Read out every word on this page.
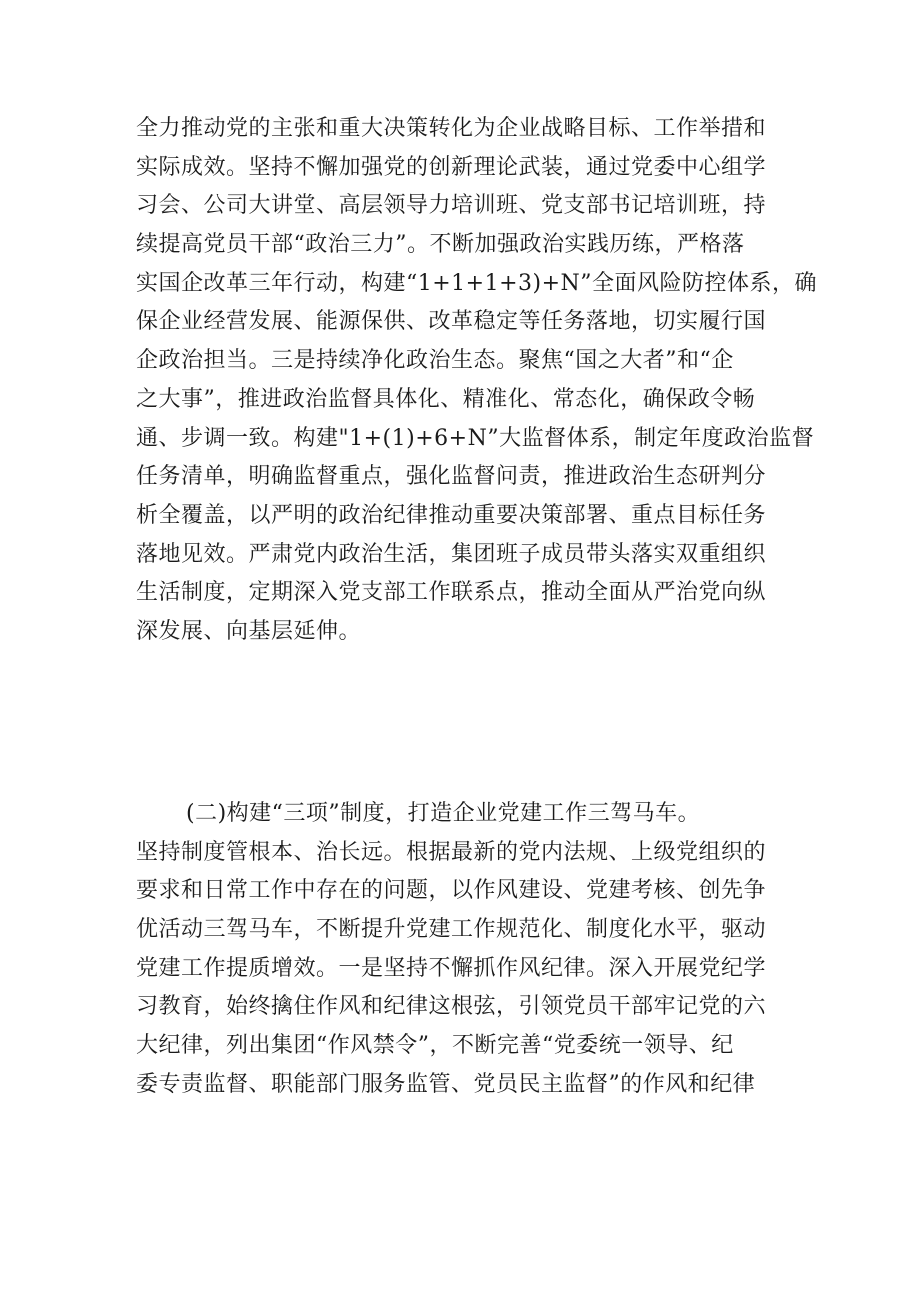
全力推动党的主张和重大决策转化为企业战略目标、工作举措和
实际成效。坚持不懈加强党的创新理论武装，通过党委中心组学
习会、公司大讲堂、高层领导力培训班、党支部书记培训班，持
续提高党员干部“政治三力”。不断加强政治实践历练，严格落
实国企改革三年行动，构建“1+1+1+3)+N”全面风险防控体系，确
保企业经营发展、能源保供、改革稳定等任务落地，切实履行国
企政治担当。三是持续净化政治生态。聚焦“国之大者”和“企
之大事”，推进政治监督具体化、精准化、常态化，确保政令畅
通、步调一致。构建"1+(1)+6+N”大监督体系，制定年度政治监督
任务清单，明确监督重点，强化监督问责，推进政治生态研判分
析全覆盖，以严明的政治纪律推动重要决策部署、重点目标任务
落地见效。严肃党内政治生活，集团班子成员带头落实双重组织
生活制度，定期深入党支部工作联系点，推动全面从严治党向纵
深发展、向基层延伸。
(二)构建“三项”制度，打造企业党建工作三驾马车。
坚持制度管根本、治长远。根据最新的党内法规、上级党组织的
要求和日常工作中存在的问题，以作风建设、党建考核、创先争
优活动三驾马车，不断提升党建工作规范化、制度化水平，驱动
党建工作提质增效。一是坚持不懈抓作风纪律。深入开展党纪学
习教育，始终擒住作风和纪律这根弦，引领党员干部牢记党的六
大纪律，列出集团“作风禁令”，不断完善“党委统一领导、纪
委专责监督、职能部门服务监管、党员民主监督”的作风和纪律
